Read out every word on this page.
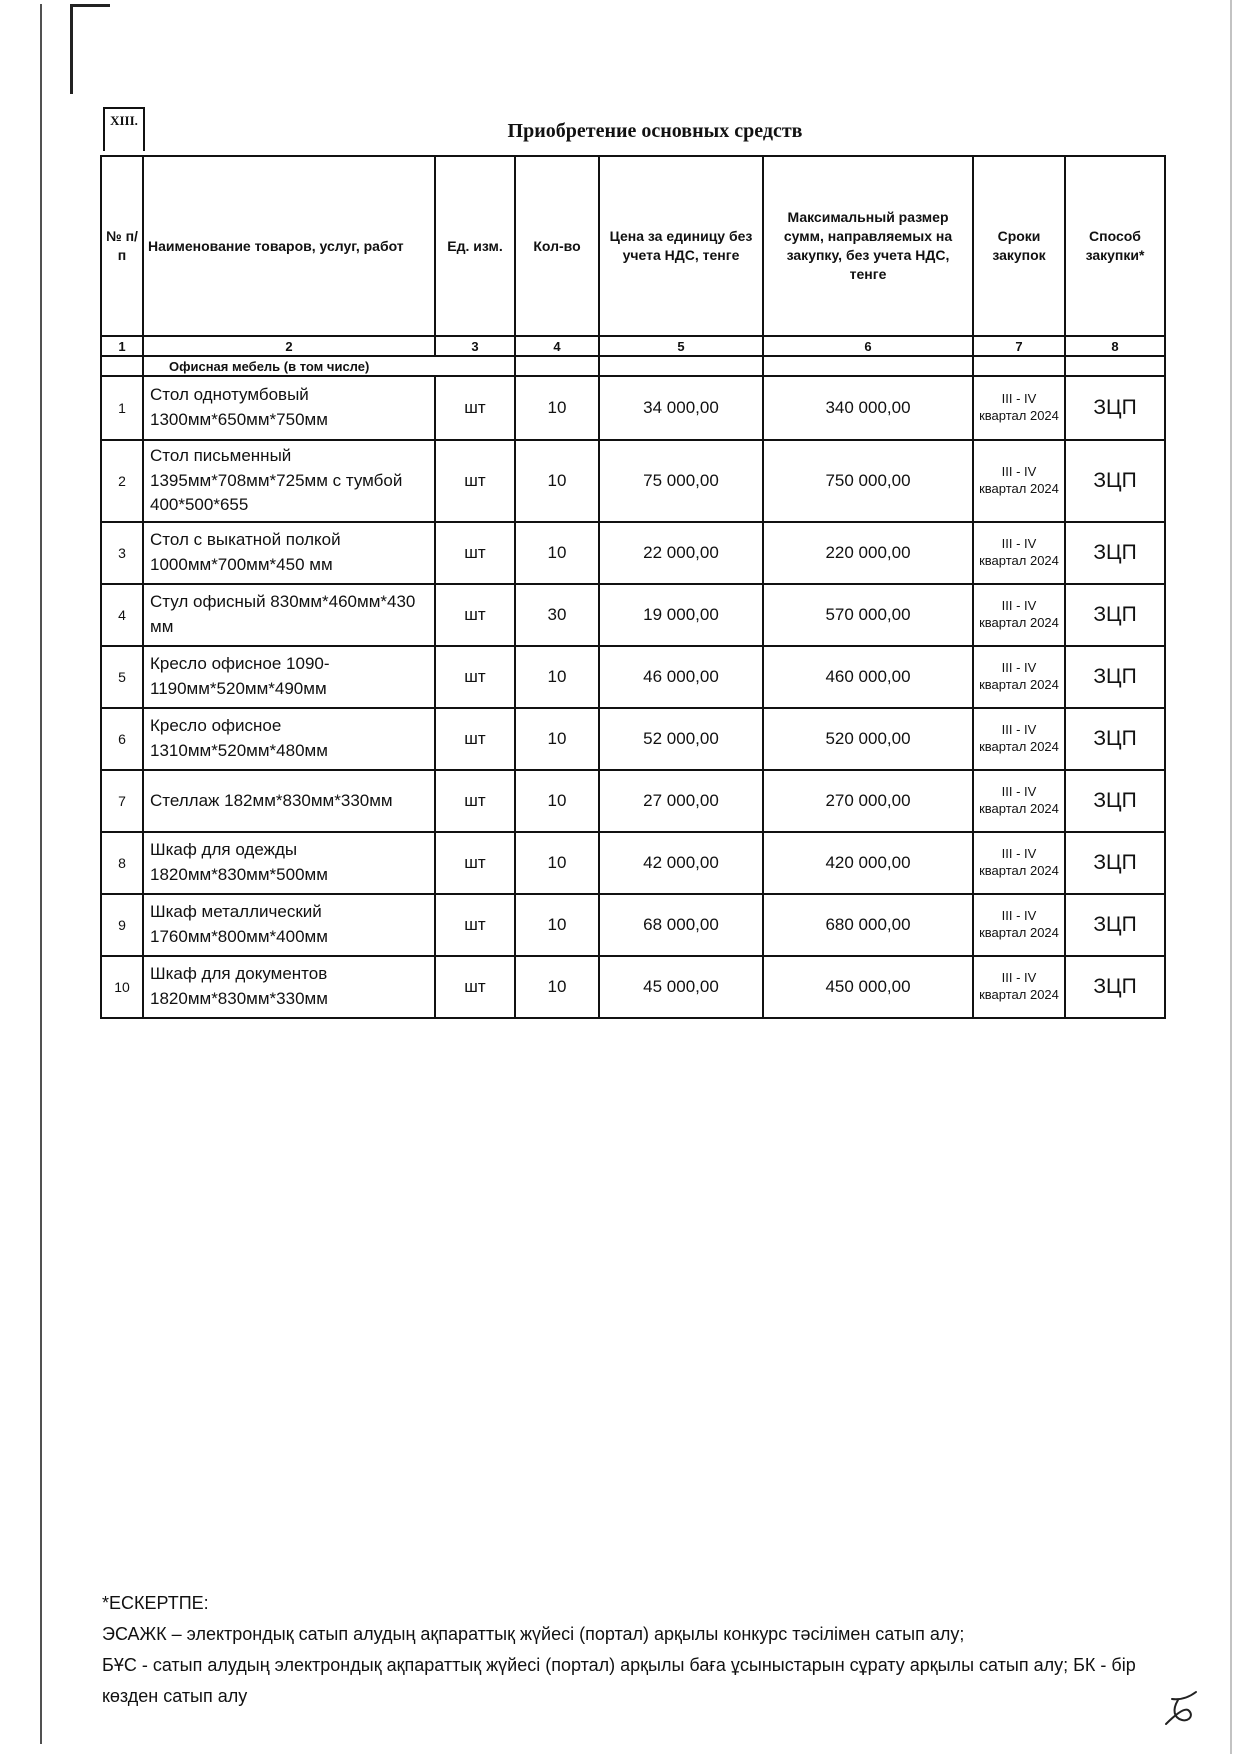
XIII.	Приобретение основных средств
№ п/п	Наименование товаров, услуг, работ	Ед. изм.	Кол-во	Цена за единицу без учета НДС, тенге	Максимальный размер сумм, направляемых на закупку, без учета НДС, тенге	Сроки закупок	Способ закупки*
1	2	3	4	5	6	7	8
	Офисная мебель (в том числе)						
1	Стол однотумбовый 1300мм*650мм*750мм	шт	10	34 000,00	340 000,00	III - IV квартал 2024	ЗЦП
2	Стол письменный 1395мм*708мм*725мм с тумбой 400*500*655	шт	10	75 000,00	750 000,00	III - IV квартал 2024	ЗЦП
3	Стол с выкатной полкой 1000мм*700мм*450 мм	шт	10	22 000,00	220 000,00	III - IV квартал 2024	ЗЦП
4	Стул офисный 830мм*460мм*430 мм	шт	30	19 000,00	570 000,00	III - IV квартал 2024	ЗЦП
5	Кресло офисное 1090-1190мм*520мм*490мм	шт	10	46 000,00	460 000,00	III - IV квартал 2024	ЗЦП
6	Кресло офисное 1310мм*520мм*480мм	шт	10	52 000,00	520 000,00	III - IV квартал 2024	ЗЦП
7	Стеллаж 182мм*830мм*330мм	шт	10	27 000,00	270 000,00	III - IV квартал 2024	ЗЦП
8	Шкаф для одежды 1820мм*830мм*500мм	шт	10	42 000,00	420 000,00	III - IV квартал 2024	ЗЦП
9	Шкаф металлический 1760мм*800мм*400мм	шт	10	68 000,00	680 000,00	III - IV квартал 2024	ЗЦП
10	Шкаф для документов 1820мм*830мм*330мм	шт	10	45 000,00	450 000,00	III - IV квартал 2024	ЗЦП
*ЕСКЕРТПЕ:
ЭСАЖК – электрондық сатып алудың ақпараттық жүйесі (портал) арқылы конкурс тәсілімен сатып алу;
БҰС - сатып алудың электрондық ақпараттық жүйесі (портал) арқылы баға ұсыныстарын сұрату арқылы сатып алу; БК - бір көзден сатып алу
